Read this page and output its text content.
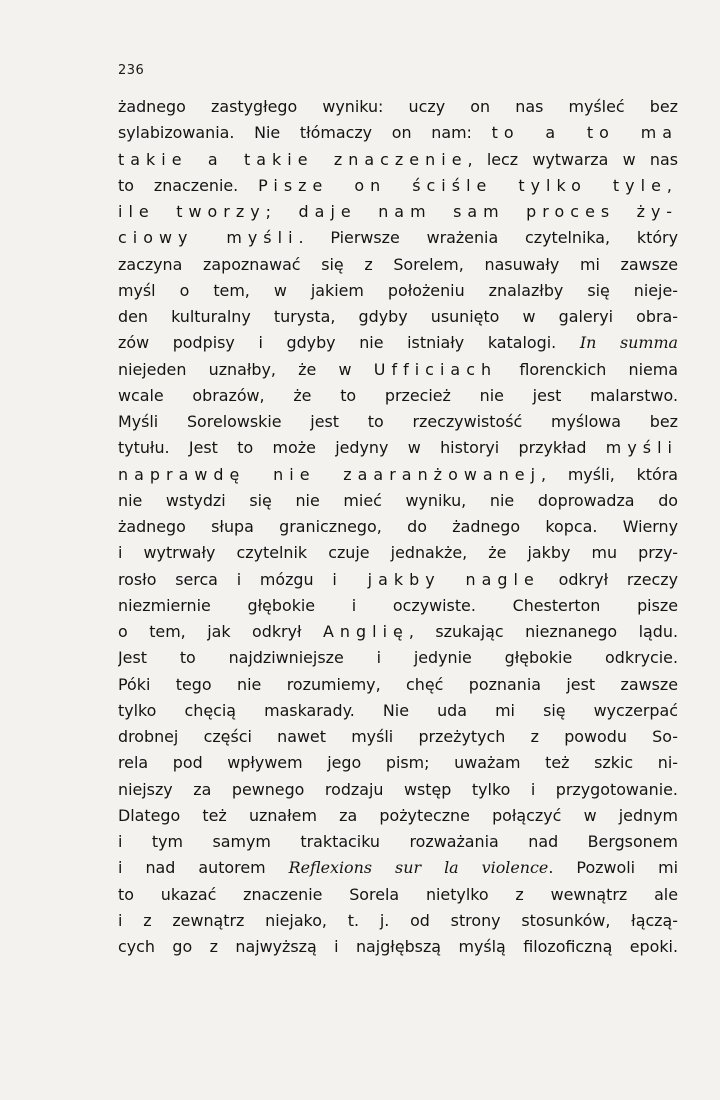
236
żadnego zastygłego wyniku: uczy on nas myśleć bez
sylabizowania. Nie tłómaczy on nam: to a to ma
takie a takie znaczenie, lecz wytwarza w nas
to znaczenie. Pisze on ściśle tylko tyle,
ile tworzy; daje nam sam proces ży-
ciowy myśli. Pierwsze wrażenia czytelnika, który
zaczyna zapoznawać się z Sorelem, nasuwały mi zawsze
myśl o tem, w jakiem położeniu znalazłby się nieje-
den kulturalny turysta, gdyby usunięto w galeryi obra-
zów podpisy i gdyby nie istniały katalogi. In summa
niejeden uznałby, że w Ufficiach florenckich niema
wcale obrazów, że to przecież nie jest malarstwo.
Myśli Sorelowskie jest to rzeczywistość myślowa bez
tytułu. Jest to może jedyny w historyi przykład myśli
naprawdę nie zaaranżowanej, myśli, która
nie wstydzi się nie mieć wyniku, nie doprowadza do
żadnego słupa granicznego, do żadnego kopca. Wierny
i wytrwały czytelnik czuje jednakże, że jakby mu przy-
rosło serca i mózgu i jakby nagle odkrył rzeczy
niezmiernie głębokie i oczywiste. Chesterton pisze
o tem, jak odkrył Anglię, szukając nieznanego lądu.
Jest to najdziwniejsze i jedynie głębokie odkrycie.
Póki tego nie rozumiemy, chęć poznania jest zawsze
tylko chęcią maskarady. Nie uda mi się wyczerpać
drobnej części nawet myśli przeżytych z powodu So-
rela pod wpływem jego pism; uważam też szkic ni-
niejszy za pewnego rodzaju wstęp tylko i przygotowanie.
Dlatego też uznałem za pożyteczne połączyć w jednym
i tym samym traktaciku rozważania nad Bergsonem
i nad autorem Reflexions sur la violence. Pozwoli mi
to ukazać znaczenie Sorela nietylko z wewnątrz ale
i z zewnątrz niejako, t. j. od strony stosunków, łączą-
cych go z najwyższą i najgłębszą myślą filozoficzną epoki.
